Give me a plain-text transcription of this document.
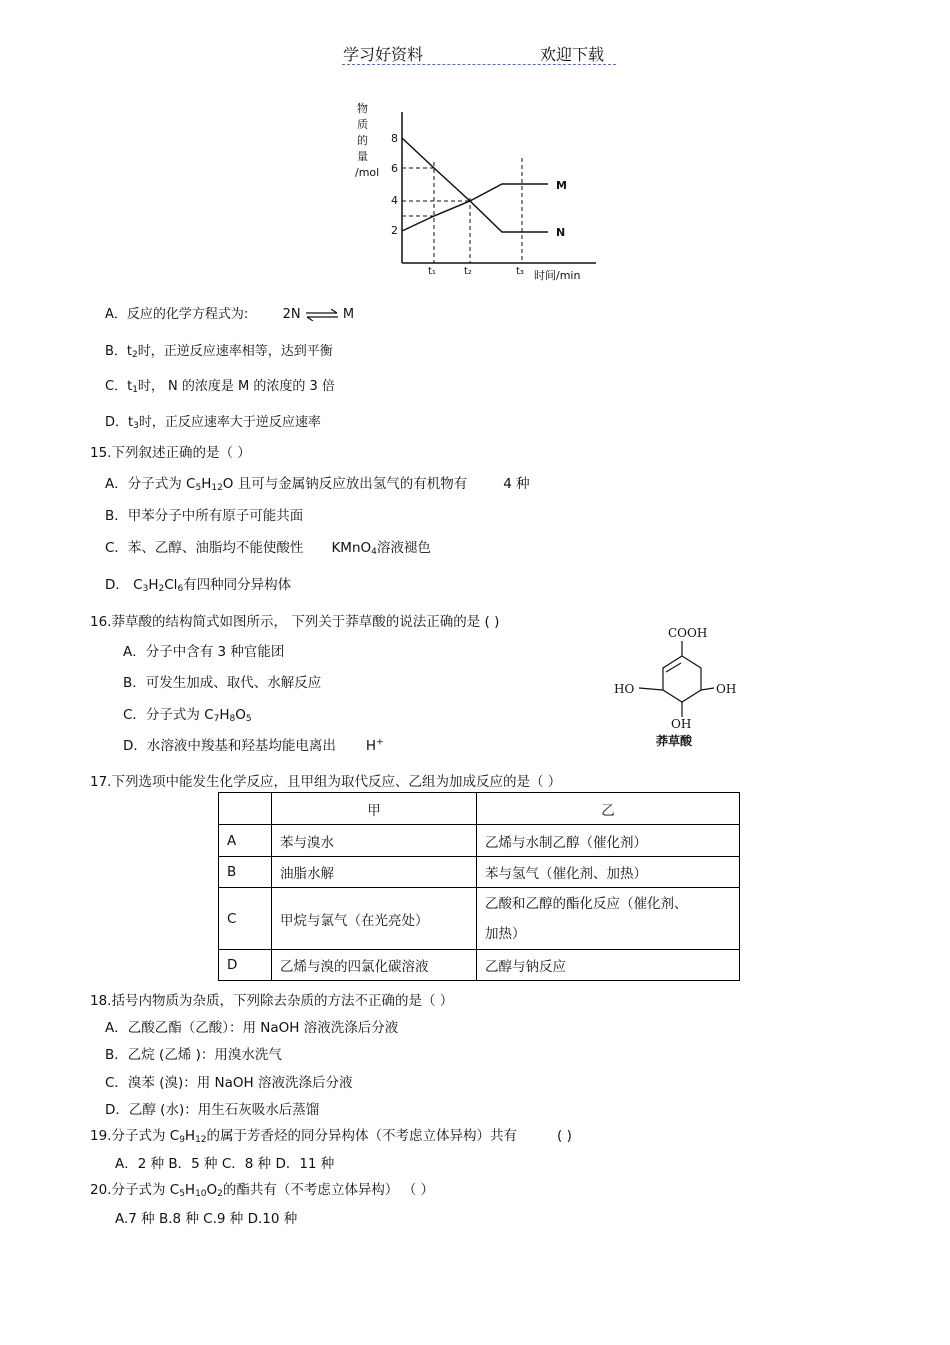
学习好资料	欢迎下载
物
质
的
量
/mol
8
6
4
2
t₁	t₂	t₃ 时间/min
M
N
A．反应的化学方程式为:	2N ⇌ M
B．$t_2$时，正逆反应速率相等，达到平衡
C．$t_1$时， N 的浓度是 M 的浓度的 3 倍
D．$t_3$时，正反应速率大于逆反应速率
15.下列叙述正确的是（ ）
A．分子式为 $C_5H_{12}O$ 且可与金属钠反应放出氢气的有机物有	4 种
B．甲苯分子中所有原子可能共面
C．苯、乙醇、油脂均不能使酸性 KMnO$_4$溶液褪色
D． $C_3H_2Cl_6$有四种同分异构体
16.莽草酸的结构简式如图所示， 下列关于莽草酸的说法正确的是 ( )
A．分子中含有 3 种官能团
B．可发生加成、取代、水解反应
C．分子式为 $C_7H_8O_5$
D．水溶液中羧基和羟基均能电离出 H+
COOH
HO	OH
OH
莽草酸
17.下列选项中能发生化学反应，且甲组为取代反应、乙组为加成反应的是（ ）
	甲	乙
A	苯与溴水	乙烯与水制乙醇（催化剂）
B	油脂水解	苯与氢气（催化剂、加热）
C	甲烷与氯气（在光亮处）	乙酸和乙醇的酯化反应（催化剂、
加热）

D	乙烯与溴的四氯化碳溶液	乙醇与钠反应
18.括号内物质为杂质，下列除去杂质的方法不正确的是（ ）
A．乙酸乙酯（乙酸）：用 NaOH 溶液洗涤后分液
B．乙烷 (乙烯 )：用溴水洗气
C．溴苯 (溴)：用 NaOH 溶液洗涤后分液
D．乙醇 (水)：用生石灰吸水后蒸馏
19.分子式为 $C_9H_{12}$的属于芳香烃的同分异构体（不考虑立体异构）共有	( )
A．2 种 B．5 种 C．8 种 D．11 种
20.分子式为 $C_5H_{10}O_2$的酯共有（不考虑立体异构） （ ）
A.7 种 B.8 种 C.9 种 D.10 种
